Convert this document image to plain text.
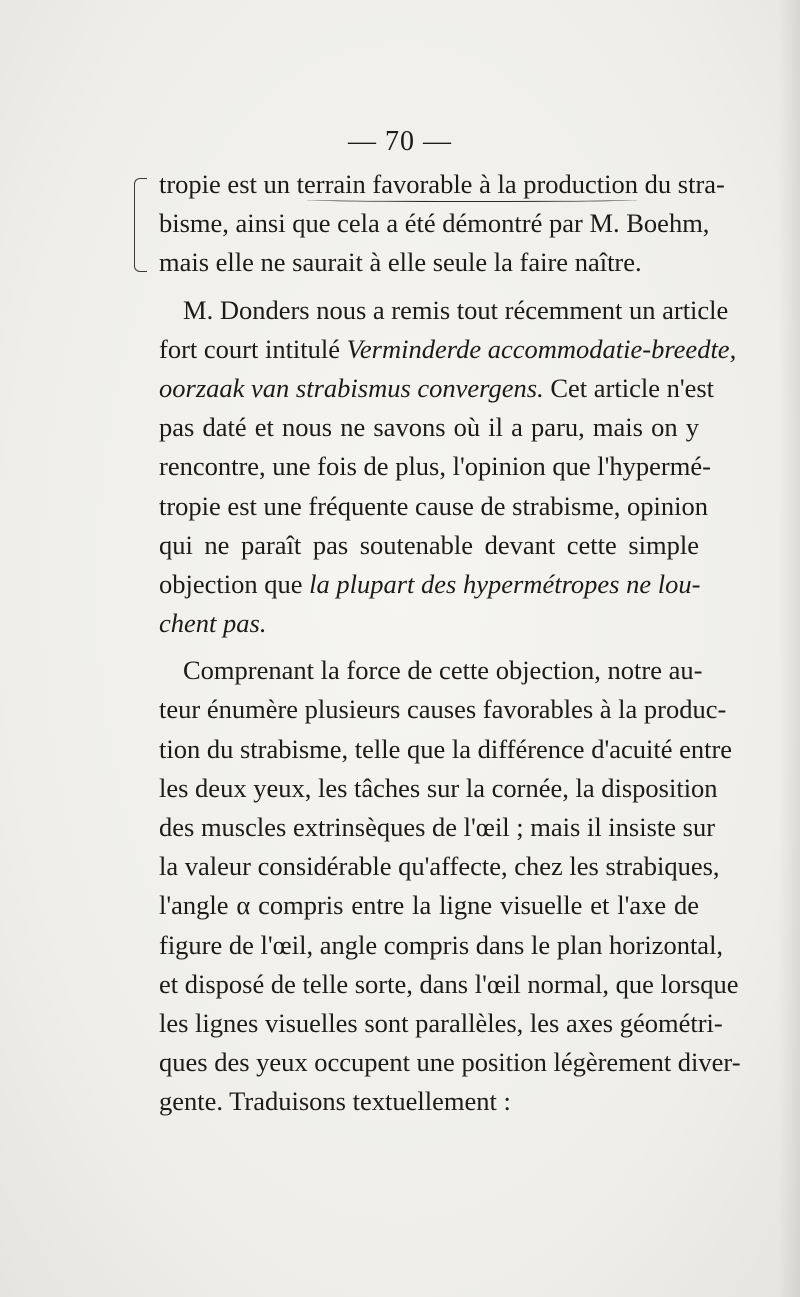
— 70 —
tropie est un terrain favorable à la production du stra-
bisme, ainsi que cela a été démontré par M. Boehm,
mais elle ne saurait à elle seule la faire naître.
M. Donders nous a remis tout récemment un article
fort court intitulé Verminderde accommodatie-breedte,
oorzaak van strabismus convergens. Cet article n'est
pas daté et nous ne savons où il a paru, mais on y
rencontre, une fois de plus, l'opinion que l'hypermé-
tropie est une fréquente cause de strabisme, opinion
qui ne paraît pas soutenable devant cette simple
objection que la plupart des hypermétropes ne lou-
chent pas.
Comprenant la force de cette objection, notre au-
teur énumère plusieurs causes favorables à la produc-
tion du strabisme, telle que la différence d'acuité entre
les deux yeux, les tâches sur la cornée, la disposition
des muscles extrinsèques de l'œil ; mais il insiste sur
la valeur considérable qu'affecte, chez les strabiques,
l'angle α compris entre la ligne visuelle et l'axe de
figure de l'œil, angle compris dans le plan horizontal,
et disposé de telle sorte, dans l'œil normal, que lorsque
les lignes visuelles sont parallèles, les axes géométri-
ques des yeux occupent une position légèrement diver-
gente. Traduisons textuellement :
